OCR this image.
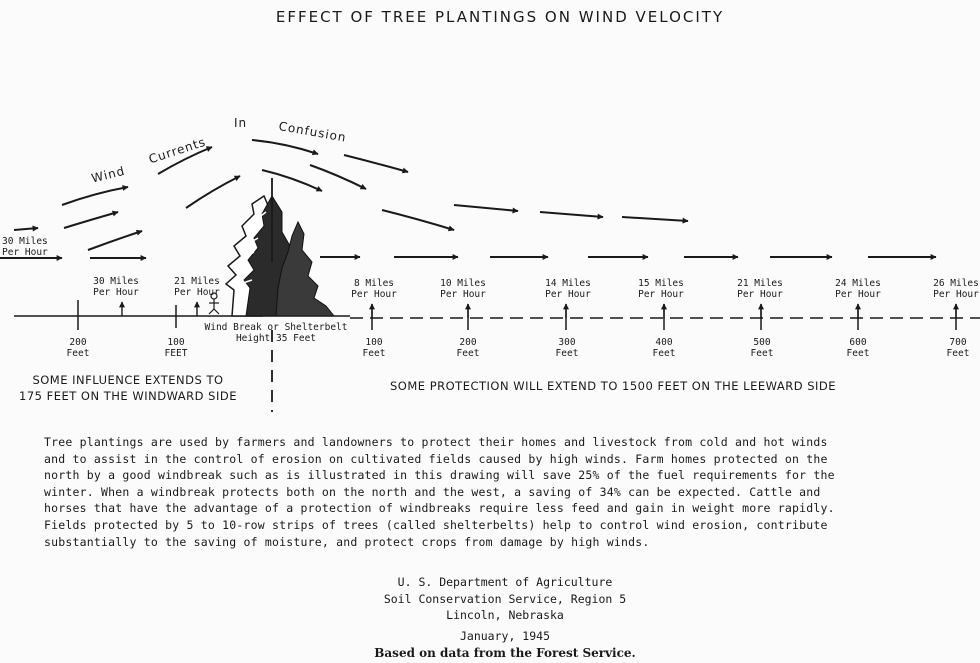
EFFECT OF TREE PLANTINGS ON WIND VELOCITY
Wind
Currents
In	Confusion
30 Miles
Per Hour
30 Miles
Per Hour
21 Miles
Per Hour
8 Miles
Per Hour
10 Miles
Per Hour
14 Miles
Per Hour
15 Miles
Per Hour
21 Miles
Per Hour
24 Miles
Per Hour
26 Miles
Per Hour
Wind Break or Shelterbelt
Height 35 Feet
200
Feet
100
FEET
100
Feet
200
Feet
300
Feet
400
Feet
500
Feet
600
Feet
700
Feet
SOME INFLUENCE EXTENDS TO
175 FEET ON THE WINDWARD SIDE
SOME PROTECTION WILL EXTEND TO 1500 FEET ON THE LEEWARD SIDE
Tree plantings are used by farmers and landowners to protect their homes and livestock from cold and hot winds
and to assist in the control of erosion on cultivated fields caused by high winds. Farm homes protected on the
north by a good windbreak such as is illustrated in this drawing will save 25% of the fuel requirements for the
winter. When a windbreak protects both on the north and the west, a saving of 34% can be expected. Cattle and
horses that have the advantage of a protection of windbreaks require less feed and gain in weight more rapidly.
Fields protected by 5 to 10-row strips of trees (called shelterbelts) help to control wind erosion, contribute
substantially to the saving of moisture, and protect crops from damage by high winds.
U. S. Department of Agriculture
Soil Conservation Service, Region 5
Lincoln, Nebraska
January, 1945
Based on data from the Forest Service.
